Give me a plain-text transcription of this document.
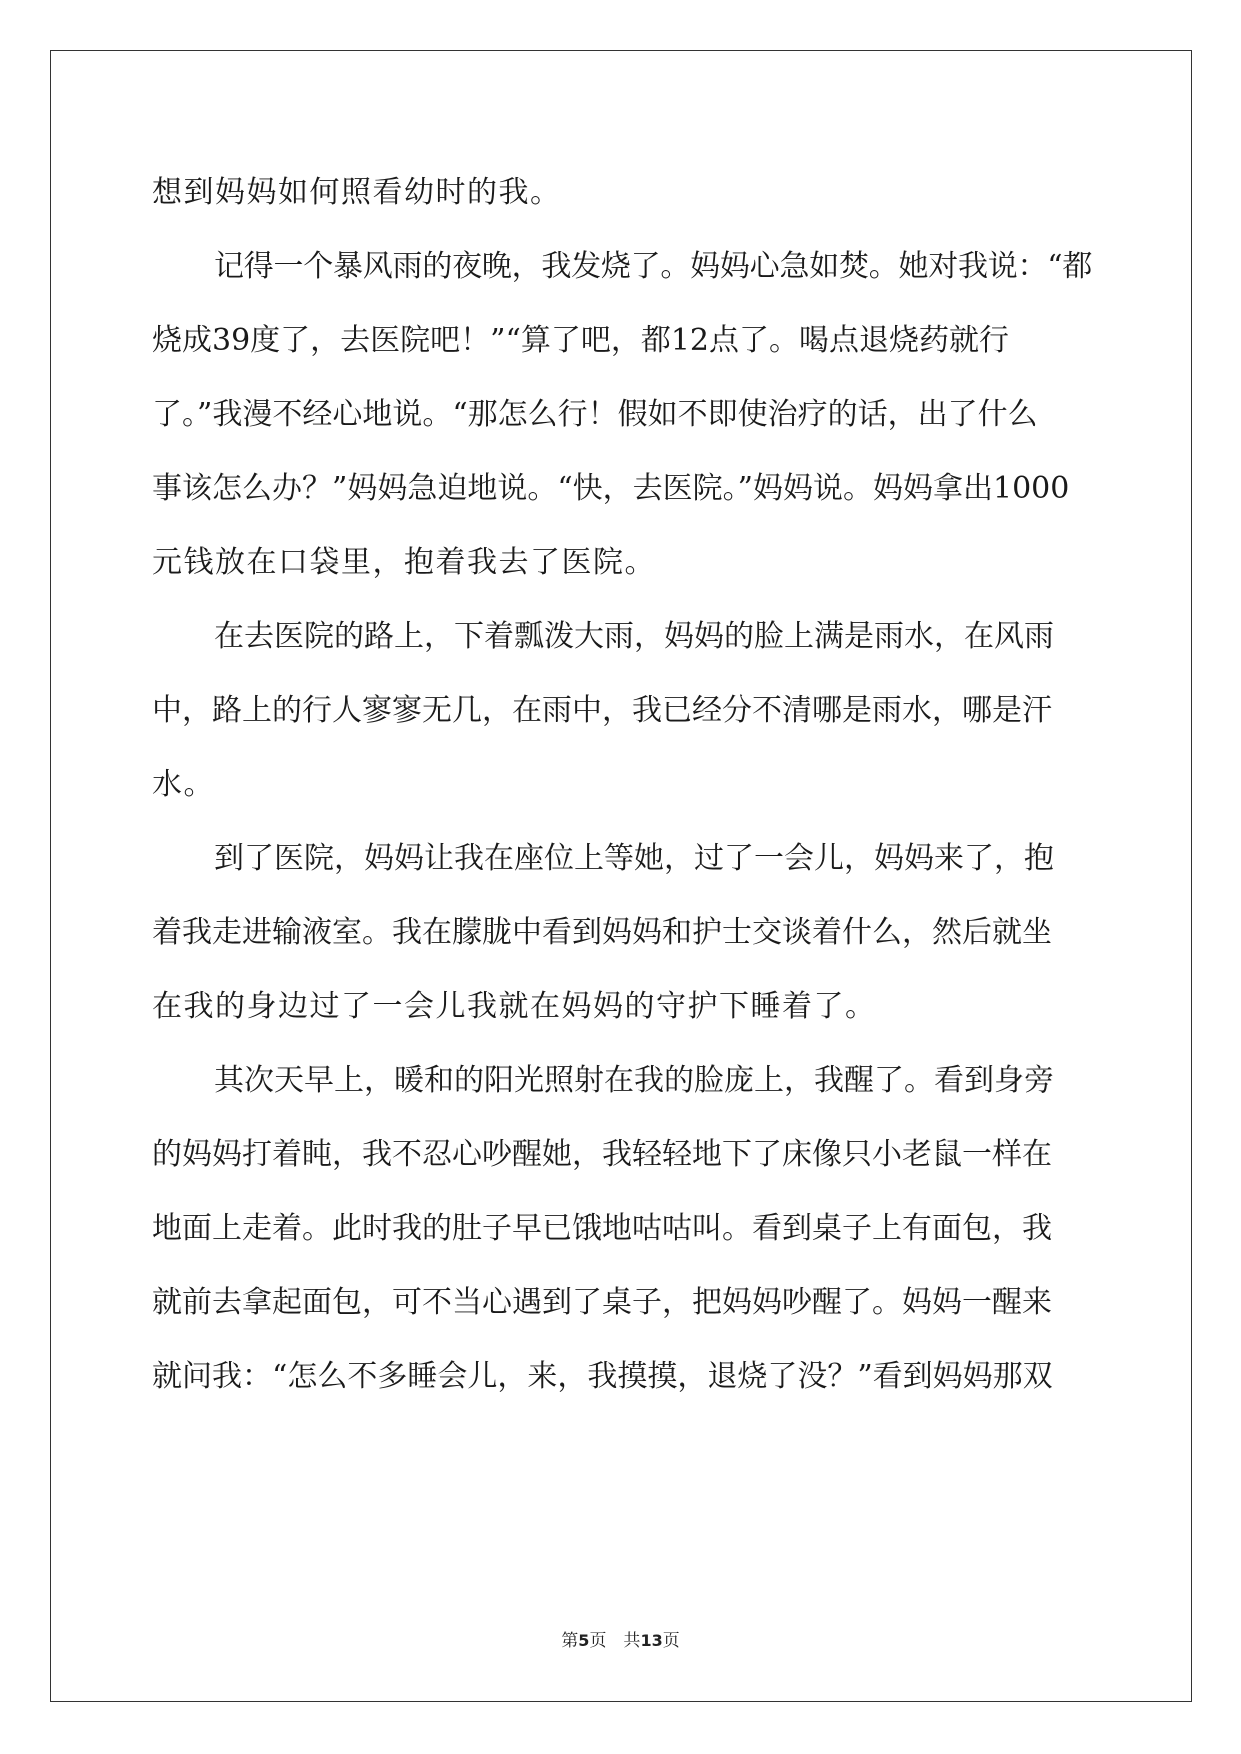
想到妈妈如何照看幼时的我。
记得一个暴风雨的夜晚，我发烧了。妈妈心急如焚。她对我说：“都
烧成39度了，去医院吧！”“算了吧，都12点了。喝点退烧药就行
了。”我漫不经心地说。“那怎么行！假如不即使治疗的话，出了什么
事该怎么办？”妈妈急迫地说。“快，去医院。”妈妈说。妈妈拿出1000
元钱放在口袋里，抱着我去了医院。
在去医院的路上，下着瓢泼大雨，妈妈的脸上满是雨水，在风雨
中，路上的行人寥寥无几，在雨中，我已经分不清哪是雨水，哪是汗
水。
到了医院，妈妈让我在座位上等她，过了一会儿，妈妈来了，抱
着我走进输液室。我在朦胧中看到妈妈和护士交谈着什么，然后就坐
在我的身边过了一会儿我就在妈妈的守护下睡着了。
其次天早上，暖和的阳光照射在我的脸庞上，我醒了。看到身旁
的妈妈打着盹，我不忍心吵醒她，我轻轻地下了床像只小老鼠一样在
地面上走着。此时我的肚子早已饿地咕咕叫。看到桌子上有面包，我
就前去拿起面包，可不当心遇到了桌子，把妈妈吵醒了。妈妈一醒来
就问我：“怎么不多睡会儿，来，我摸摸，退烧了没？”看到妈妈那双
第5页　共13页
